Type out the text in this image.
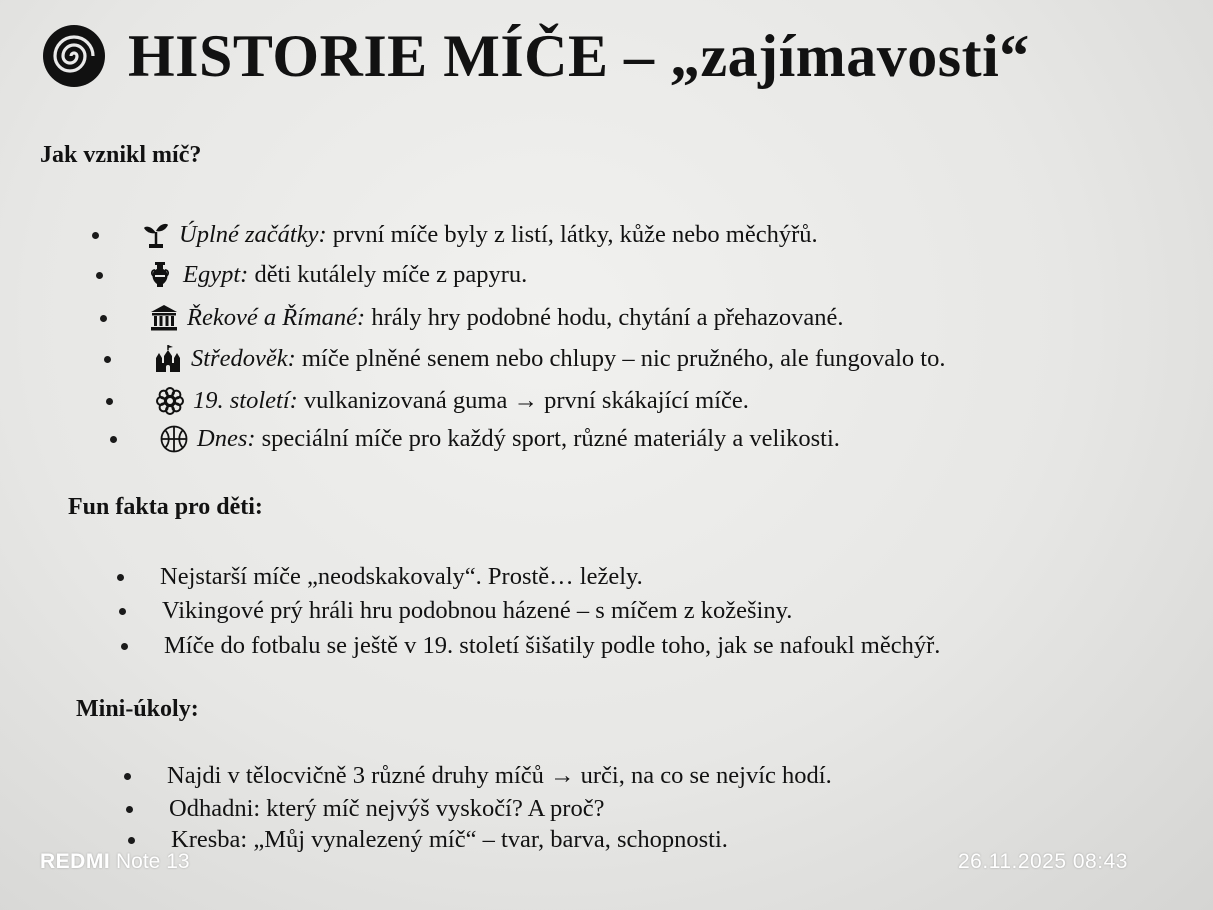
HISTORIE MÍČE – „zajímavosti“
Jak vznikl míč?
Úplné začátky: první míče byly z listí, látky, kůže nebo měchýřů.
Egypt: děti kutálely míče z papyru.
Řekové a Římané: hrály hry podobné hodu, chytání a přehazované.
Středověk: míče plněné senem nebo chlupy – nic pružného, ale fungovalo to.
19. století: vulkanizovaná guma → první skákající míče.
Dnes: speciální míče pro každý sport, různé materiály a velikosti.
Fun fakta pro děti:
Nejstarší míče „neodskakovaly“. Prostě… ležely.
Vikingové prý hráli hru podobnou házené – s míčem z kožešiny.
Míče do fotbalu se ještě v 19. století šišatily podle toho, jak se nafoukl měchýř.
Mini-úkoly:
Najdi v tělocvičně 3 různé druhy míčů → urči, na co se nejvíc hodí.
Odhadni: který míč nejvýš vyskočí? A proč?
Kresba: „Můj vynalezený míč“ – tvar, barva, schopnosti.
REDMI Note 13	26.11.2025 08:43
